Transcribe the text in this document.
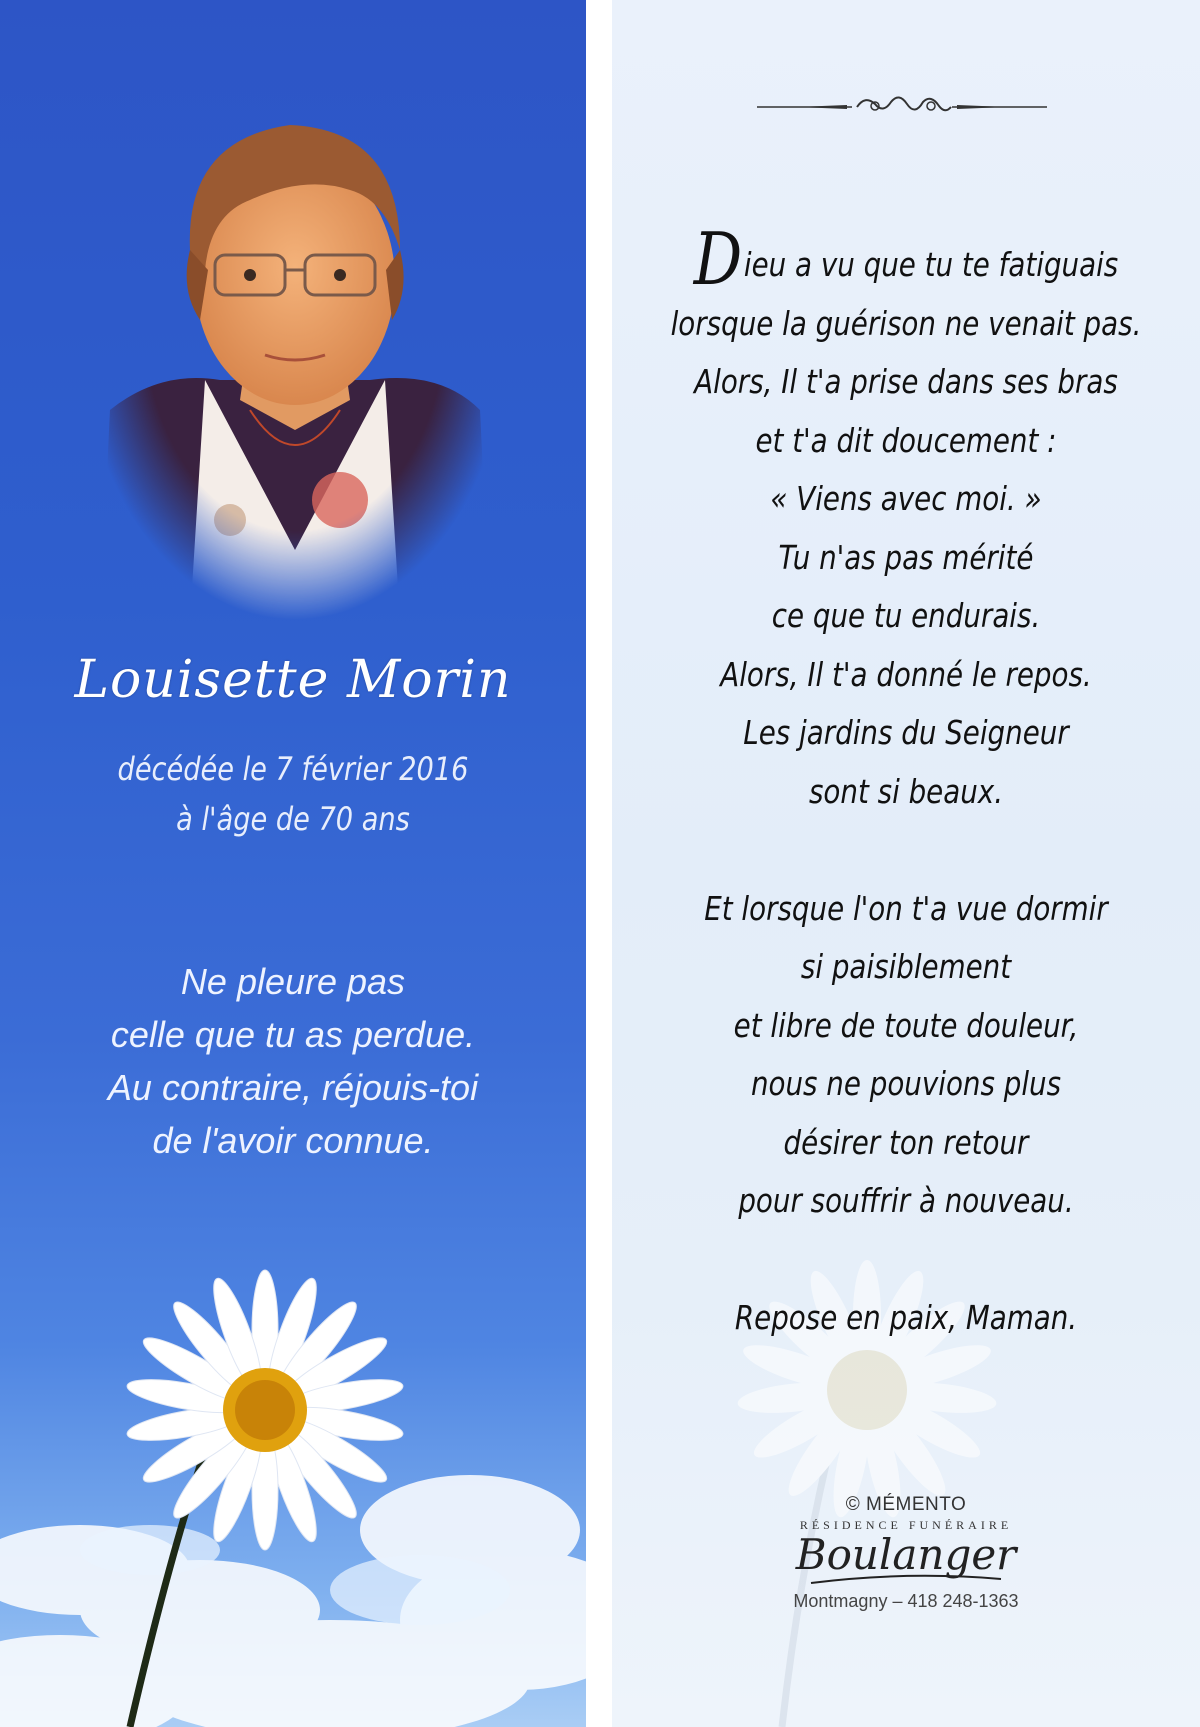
Louisette Morin
décédée le 7 février 2016
à l'âge de 70 ans
Ne pleure pas
celle que tu as perdue.
Au contraire, réjouis-toi
de l'avoir connue.
Dieu a vu que tu te fatiguais
lorsque la guérison ne venait pas.
Alors, Il t'a prise dans ses bras
et t'a dit doucement :
« Viens avec moi. »
Tu n'as pas mérité
ce que tu endurais.
Alors, Il t'a donné le repos.
Les jardins du Seigneur
sont si beaux.
Et lorsque l'on t'a vue dormir
si paisiblement
et libre de toute douleur,
nous ne pouvions plus
désirer ton retour
pour souffrir à nouveau.
Repose en paix, Maman.
© MÉMENTO
RÉSIDENCE FUNÉRAIRE
Boulanger
Montmagny – 418 248-1363
